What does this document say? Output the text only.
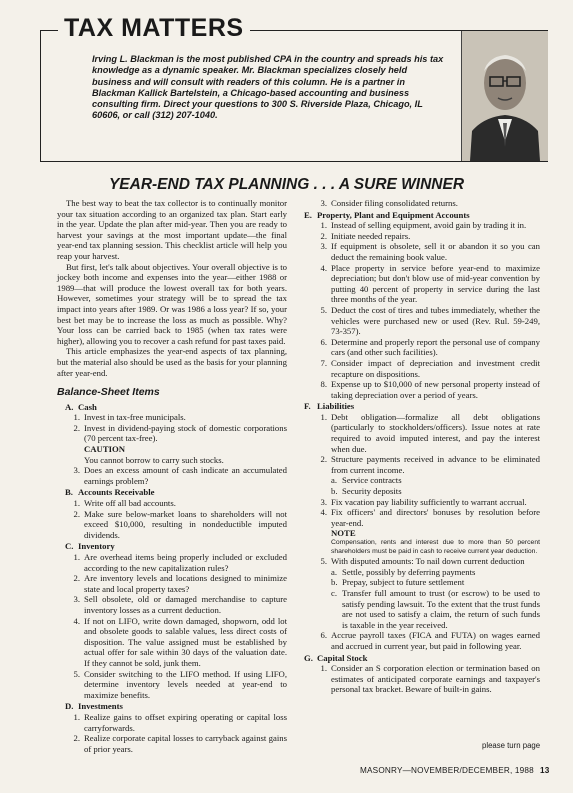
TAX MATTERS
Irving L. Blackman is the most published CPA in the country and spreads his tax knowledge as a dynamic speaker. Mr. Blackman specializes closely held business and will consult with readers of this column. He is a partner in Blackman Kallick Bartelstein, a Chicago-based accounting and business consulting firm. Direct your questions to 300 S. Riverside Plaza, Chicago, IL 60606, or call (312) 207-1040.
YEAR-END TAX PLANNING . . . A SURE WINNER

The best way to beat the tax collector is to continually monitor your tax situation according to an organized tax plan. Start early in the year. Update the plan after mid-year. Then you are ready to harvest your savings at the most important update—the final year-end tax planning session. This checklist article will help you reap your harvest.

But first, let's talk about objectives. Your overall objective is to jockey both income and expenses into the year—either 1988 or 1989—that will produce the lowest overall tax for both years. However, sometimes your strategy will be to spread the tax impact into years after 1989. Or was 1986 a loss year? If so, your best bet may be to increase the loss as much as possible. Why? Your loss can be carried back to 1985 (when tax rates were higher), allowing you to recover a cash refund for past taxes paid.

This article emphasizes the year-end aspects of tax planning, but the material also should be used as the basis for your planning after year-end.

Balance-Sheet Items
A. Cash
1. Invest in tax-free municipals.
2. Invest in dividend-paying stock of domestic corporations (70 percent tax-free).
CAUTION
You cannot borrow to carry such stocks.
3. Does an excess amount of cash indicate an accumulated earnings problem?
B. Accounts Receivable
1. Write off all bad accounts.
2. Make sure below-market loans to shareholders will not exceed $10,000, resulting in nondeductible imputed dividends.
C. Inventory
1. Are overhead items being properly included or excluded according to the new capitalization rules?
2. Are inventory levels and locations designed to minimize state and local property taxes?
3. Sell obsolete, old or damaged merchandise to capture inventory losses as a current deduction.
4. If not on LIFO, write down damaged, shopworn, odd lot and obsolete goods to salable values, less direct costs of disposition. The value assigned must be established by actual offer for sale within 30 days of the valuation date. If they cannot be sold, junk them.
5. Consider switching to the LIFO method. If using LIFO, determine inventory levels needed at year-end to maximize benefits.
D. Investments
1. Realize gains to offset expiring operating or capital loss carryforwards.
2. Realize corporate capital losses to carryback against gains of prior years.
3. Consider filing consolidated returns.
E. Property, Plant and Equipment Accounts
1. Instead of selling equipment, avoid gain by trading it in.
2. Initiate needed repairs.
3. If equipment is obsolete, sell it or abandon it so you can deduct the remaining book value.
4. Place property in service before year-end to maximize depreciation; but don't blow use of mid-year convention by putting 40 percent of property in service during the last three months of the year.
5. Deduct the cost of tires and tubes immediately, whether the vehicles were purchased new or used (Rev. Rul. 59-249, 73-357).
6. Determine and properly report the personal use of company cars (and other such facilities).
7. Consider impact of depreciation and investment credit recapture on dispositions.
8. Expense up to $10,000 of new personal property instead of taking depreciation over a period of years.
F. Liabilities
1. Debt obligation—formalize all debt obligations (particularly to stockholders/officers). Issue notes at rate required to avoid imputed interest, and pay the interest when due.
2. Structure payments received in advance to be eliminated from current income.
a. Service contracts
b. Security deposits
3. Fix vacation pay liability sufficiently to warrant accrual.
4. Fix officers' and directors' bonuses by resolution before year-end.
NOTE
Compensation, rents and interest due to more than 50 percent shareholders must be paid in cash to receive current year deduction.
5. With disputed amounts: To nail down current deduction
a. Settle, possibly by deferring payments
b. Prepay, subject to future settlement
c. Transfer full amount to trust (or escrow) to be used to satisfy pending lawsuit. To the extent that the trust funds are not used to satisfy a claim, the return of such funds is taxable in the year received.
6. Accrue payroll taxes (FICA and FUTA) on wages earned and accrued in current year, but paid in following year.
G. Capital Stock
1. Consider an S corporation election or termination based on estimates of anticipated corporate earnings and taxpayer's personal tax bracket. Beware of built-in gains.
please turn page
MASONRY—NOVEMBER/DECEMBER, 1988 13
